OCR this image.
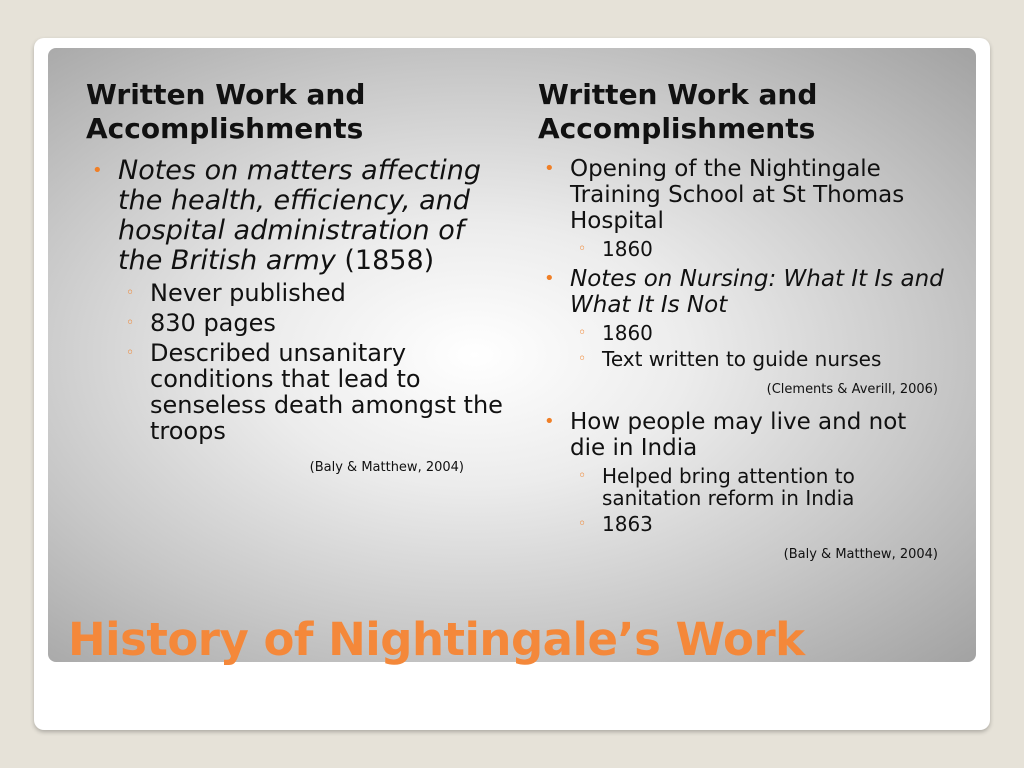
Written Work and Accomplishments
• Notes on matters affecting the health, efficiency, and hospital administration of the British army (1858)
◦ Never published
◦ 830 pages
◦ Described unsanitary conditions that lead to senseless death amongst the troops
(Baly & Matthew, 2004)
Written Work and Accomplishments
• Opening of the Nightingale Training School at St Thomas Hospital
◦ 1860
• Notes on Nursing: What It Is and What It Is Not
◦ 1860
◦ Text written to guide nurses
(Clements & Averill, 2006)
• How people may live and not die in India
◦ Helped bring attention to sanitation reform in India
◦ 1863
(Baly & Matthew, 2004)
History of Nightingale’s Work
